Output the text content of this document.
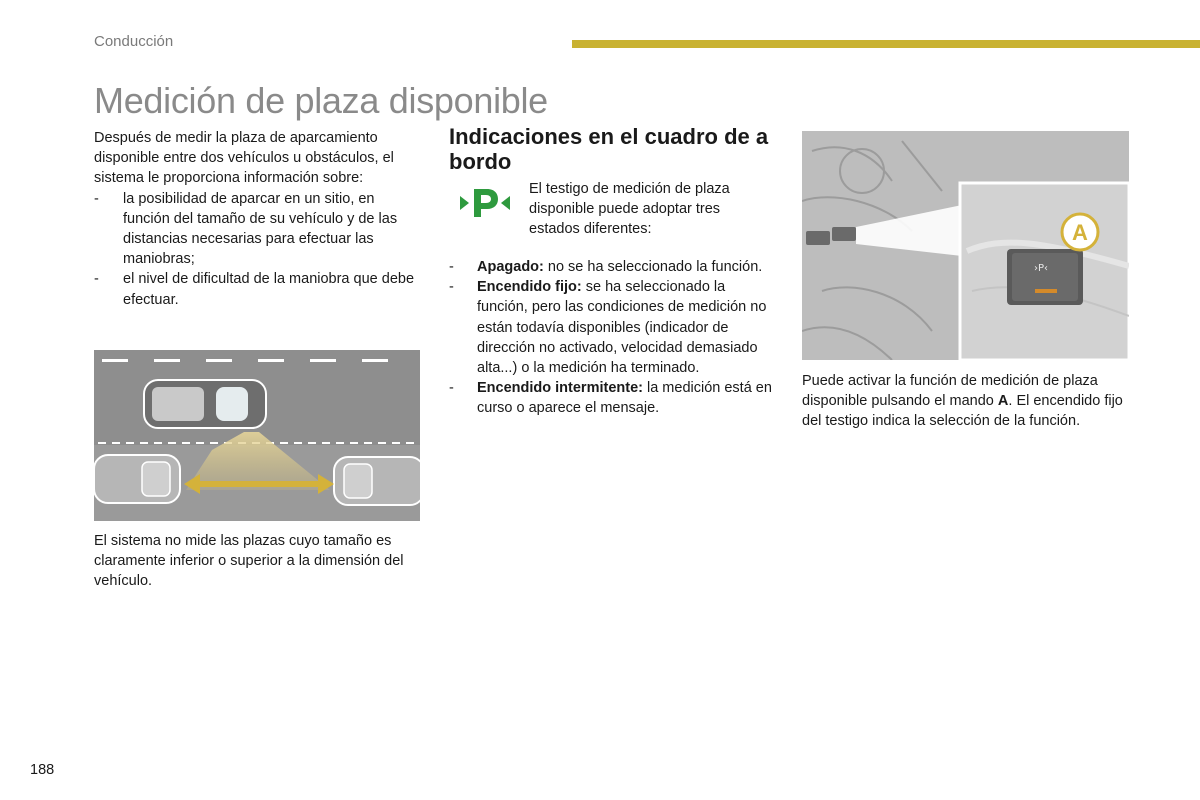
Conducción
Medición de plaza disponible

Después de medir la plaza de aparcamiento disponible entre dos vehículos u obstáculos, el sistema le proporciona información sobre:

- la posibilidad de aparcar en un sitio, en función del tamaño de su vehículo y de las distancias necesarias para efectuar las maniobras;
- el nivel de dificultad de la maniobra que debe efectuar.
El sistema no mide las plazas cuyo tamaño es claramente inferior o superior a la dimensión del vehículo.
Indicaciones en el cuadro de a bordo
El testigo de medición de plaza disponible puede adoptar tres estados diferentes:
- Apagado: no se ha seleccionado la función.
- Encendido fijo: se ha seleccionado la función, pero las condiciones de medición no están todavía disponibles (indicador de dirección no activado, velocidad demasiado alta...) o la medición ha terminado.
- Encendido intermitente: la medición está en curso o aparece el mensaje.
›P‹
A
Puede activar la función de medición de plaza disponible pulsando el mando A. El encendido fijo del testigo indica la selección de la función.
188
